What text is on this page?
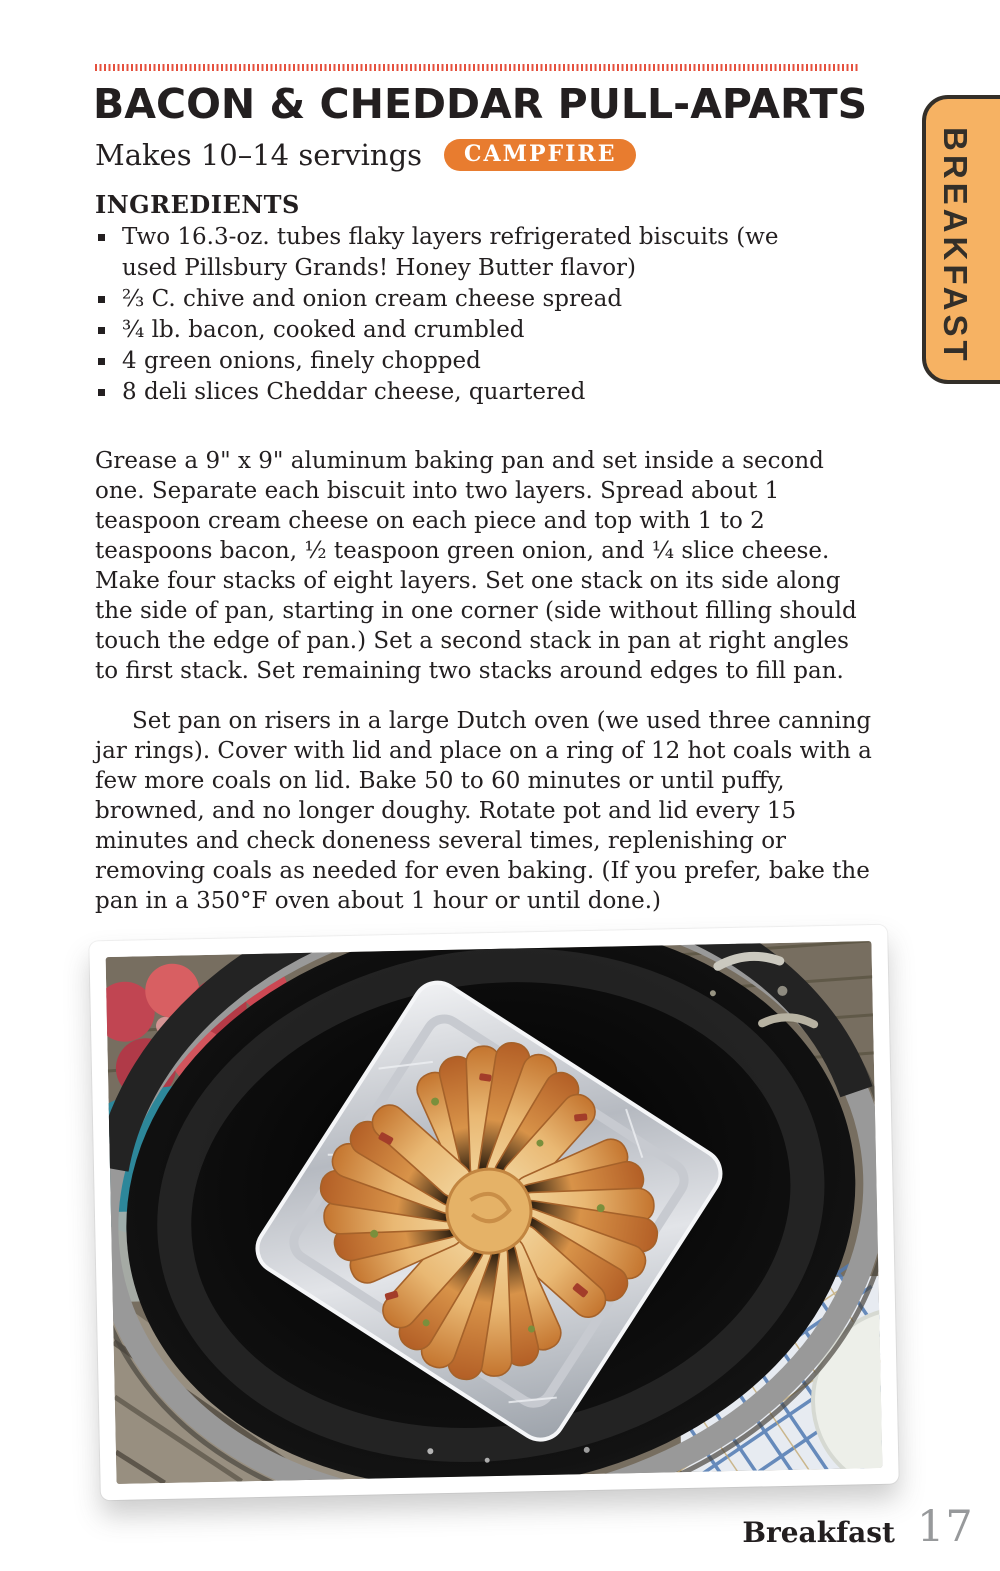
BACON & CHEDDAR PULL-APARTS
Makes 10–14 servings	CAMPFIRE
INGREDIENTS
Two 16.3-oz. tubes flaky layers refrigerated biscuits (we used Pillsbury Grands! Honey Butter flavor)
⅔ C. chive and onion cream cheese spread
¾ lb. bacon, cooked and crumbled
4 green onions, finely chopped
8 deli slices Cheddar cheese, quartered

Grease a 9" x 9" aluminum baking pan and set inside a second one. Separate each biscuit into two layers. Spread about 1 teaspoon cream cheese on each piece and top with 1 to 2 teaspoons bacon, ½ teaspoon green onion, and ¼ slice cheese. Make four stacks of eight layers. Set one stack on its side along the side of pan, starting in one corner (side without filling should touch the edge of pan.) Set a second stack in pan at right angles to first stack. Set remaining two stacks around edges to fill pan.

Set pan on risers in a large Dutch oven (we used three canning jar rings). Cover with lid and place on a ring of 12 hot coals with a few more coals on lid. Bake 50 to 60 minutes or until puffy, browned, and no longer doughy. Rotate pot and lid every 15 minutes and check doneness several times, replenishing or removing coals as needed for even baking. (If you prefer, bake the pan in a 350°F oven about 1 hour or until done.)

Breakfast 17
BREAKFAST
